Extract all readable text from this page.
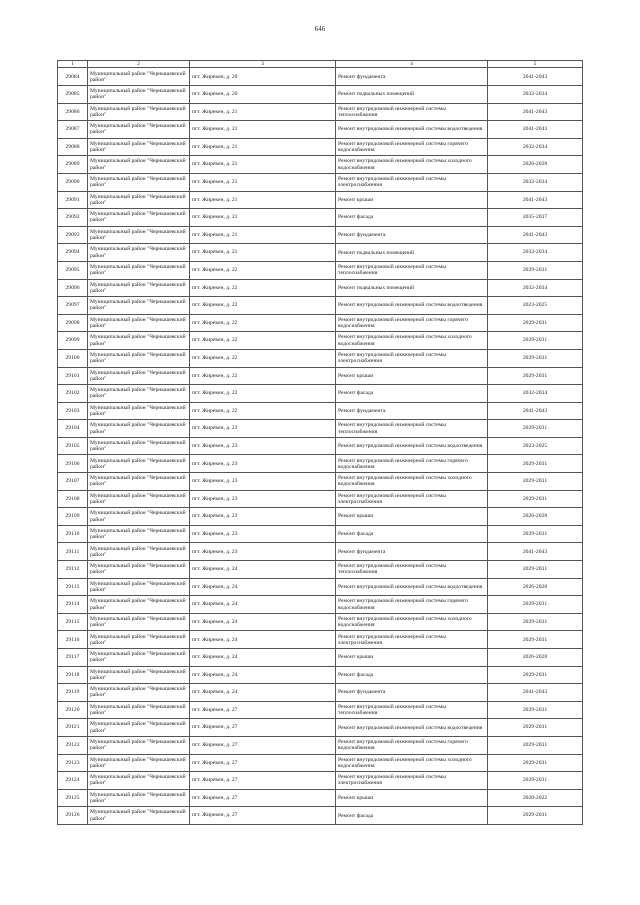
646
1	2	3	4	5
29084	Муниципальный район "Чернышевский район"	пгт. Жирекен, д. 20	Ремонт фундамента	2041-2043
29085	Муниципальный район "Чернышевский район"	пгт. Жирекен, д. 20	Ремонт подвальных помещений	2032-2034
29086	Муниципальный район "Чернышевский район"	пгт. Жирекен, д. 21	Ремонт внутридомовой инженерной системы теплоснабжения	2041-2043
29087	Муниципальный район "Чернышевский район"	пгт. Жирекен, д. 21	Ремонт внутридомовой инженерной системы водоотведения	2041-2043
29088	Муниципальный район "Чернышевский район"	пгт. Жирекен, д. 21	Ремонт внутридомовой инженерной системы горячего водоснабжения	2032-2034
29089	Муниципальный район "Чернышевский район"	пгт. Жирекен, д. 21	Ремонт внутридомовой инженерной системы холодного водоснабжения	2026-2028
29090	Муниципальный район "Чернышевский район"	пгт. Жирекен, д. 21	Ремонт внутридомовой инженерной системы электроснабжения	2032-2034
29091	Муниципальный район "Чернышевский район"	пгт. Жирекен, д. 21	Ремонт крыши	2041-2043
29092	Муниципальный район "Чернышевский район"	пгт. Жирекен, д. 21	Ремонт фасада	2035-2037
29093	Муниципальный район "Чернышевский район"	пгт. Жирекен, д. 21	Ремонт фундамента	2041-2043
29094	Муниципальный район "Чернышевский район"	пгт. Жирекен, д. 21	Ремонт подвальных помещений	2032-2034
29095	Муниципальный район "Чернышевский район"	пгт. Жирекен, д. 22	Ремонт внутридомовой инженерной системы теплоснабжения	2029-2031
29096	Муниципальный район "Чернышевский район"	пгт. Жирекен, д. 22	Ремонт подвальных помещений	2032-2034
29097	Муниципальный район "Чернышевский район"	пгт. Жирекен, д. 22	Ремонт внутридомовой инженерной системы водоотведения	2023-2025
29098	Муниципальный район "Чернышевский район"	пгт. Жирекен, д. 22	Ремонт внутридомовой инженерной системы горячего водоснабжения	2029-2031
29099	Муниципальный район "Чернышевский район"	пгт. Жирекен, д. 22	Ремонт внутридомовой инженерной системы холодного водоснабжения	2029-2031
29100	Муниципальный район "Чернышевский район"	пгт. Жирекен, д. 22	Ремонт внутридомовой инженерной системы электроснабжения	2029-2031
29101	Муниципальный район "Чернышевский район"	пгт. Жирекен, д. 22	Ремонт крыши	2029-2031
29102	Муниципальный район "Чернышевский район"	пгт. Жирекен, д. 22	Ремонт фасада	2032-2034
29103	Муниципальный район "Чернышевский район"	пгт. Жирекен, д. 22	Ремонт фундамента	2041-2043
29104	Муниципальный район "Чернышевский район"	пгт. Жирекен, д. 23	Ремонт внутридомовой инженерной системы теплоснабжения	2029-2031
29105	Муниципальный район "Чернышевский район"	пгт. Жирекен, д. 23	Ремонт внутридомовой инженерной системы водоотведения	2023-2025
29106	Муниципальный район "Чернышевский район"	пгт. Жирекен, д. 23	Ремонт внутридомовой инженерной системы горячего водоснабжения	2029-2031
29107	Муниципальный район "Чернышевский район"	пгт. Жирекен, д. 23	Ремонт внутридомовой инженерной системы холодного водоснабжения	2029-2031
29108	Муниципальный район "Чернышевский район"	пгт. Жирекен, д. 23	Ремонт внутридомовой инженерной системы электроснабжения	2029-2031
29109	Муниципальный район "Чернышевский район"	пгт. Жирекен, д. 23	Ремонт крыши	2026-2028
29110	Муниципальный район "Чернышевский район"	пгт. Жирекен, д. 23	Ремонт фасада	2029-2031
29111	Муниципальный район "Чернышевский район"	пгт. Жирекен, д. 23	Ремонт фундамента	2041-2043
29112	Муниципальный район "Чернышевский район"	пгт. Жирекен, д. 24	Ремонт внутридомовой инженерной системы теплоснабжения	2029-2031
29113	Муниципальный район "Чернышевский район"	пгт. Жирекен, д. 24	Ремонт внутридомовой инженерной системы водоотведения	2026-2028
29114	Муниципальный район "Чернышевский район"	пгт. Жирекен, д. 24	Ремонт внутридомовой инженерной системы горячего водоснабжения	2029-2031
29115	Муниципальный район "Чернышевский район"	пгт. Жирекен, д. 24	Ремонт внутридомовой инженерной системы холодного водоснабжения	2029-2031
29116	Муниципальный район "Чернышевский район"	пгт. Жирекен, д. 24	Ремонт внутридомовой инженерной системы электроснабжения	2029-2031
29117	Муниципальный район "Чернышевский район"	пгт. Жирекен, д. 24	Ремонт крыши	2026-2028
29118	Муниципальный район "Чернышевский район"	пгт. Жирекен, д. 24	Ремонт фасада	2029-2031
29119	Муниципальный район "Чернышевский район"	пгт. Жирекен, д. 24	Ремонт фундамента	2041-2043
29120	Муниципальный район "Чернышевский район"	пгт. Жирекен, д. 27	Ремонт внутридомовой инженерной системы теплоснабжения	2029-2031
29121	Муниципальный район "Чернышевский район"	пгт. Жирекен, д. 27	Ремонт внутридомовой инженерной системы водоотведения	2029-2031
29122	Муниципальный район "Чернышевский район"	пгт. Жирекен, д. 27	Ремонт внутридомовой инженерной системы горячего водоснабжения	2029-2031
29123	Муниципальный район "Чернышевский район"	пгт. Жирекен, д. 27	Ремонт внутридомовой инженерной системы холодного водоснабжения	2029-2031
29124	Муниципальный район "Чернышевский район"	пгт. Жирекен, д. 27	Ремонт внутридомовой инженерной системы электроснабжения	2029-2031
29125	Муниципальный район "Чернышевский район"	пгт. Жирекен, д. 27	Ремонт крыши	2020-2022
29126	Муниципальный район "Чернышевский район"	пгт. Жирекен, д. 27	Ремонт фасада	2029-2031
